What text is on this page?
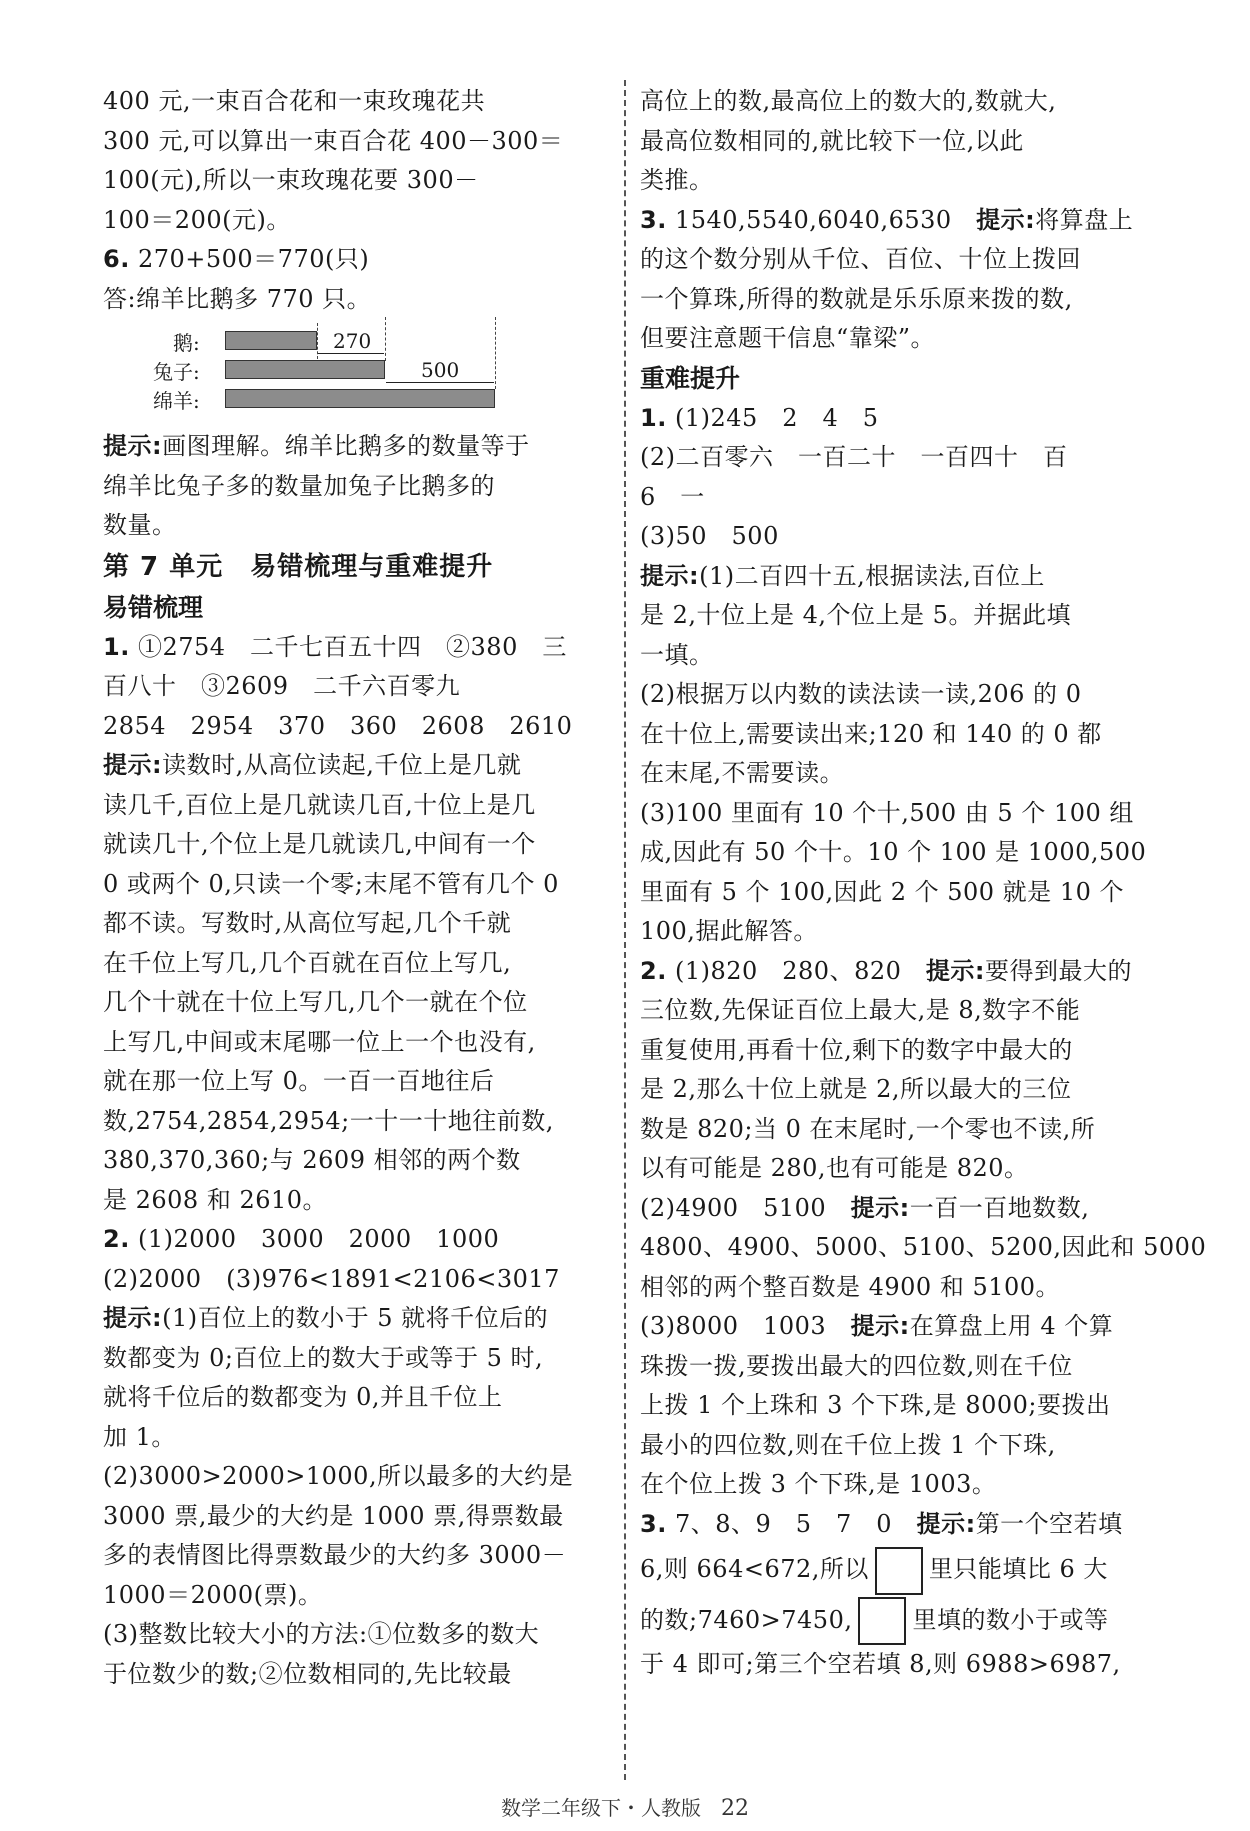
400 元,一束百合花和一束玫瑰花共
300 元,可以算出一束百合花 400－300＝
100(元),所以一束玫瑰花要 300－
100＝200(元)。
6. 270+500＝770(只)
答:绵羊比鹅多 770 只。
鹅:
兔子:
绵羊:
270
500
提示:画图理解。绵羊比鹅多的数量等于
绵羊比兔子多的数量加兔子比鹅多的
数量。
第 7 单元　易错梳理与重难提升
易错梳理
1. ①2754　二千七百五十四　②380　三
百八十　③2609　二千六百零九
2854　2954　370　360　2608　2610
提示:读数时,从高位读起,千位上是几就
读几千,百位上是几就读几百,十位上是几
就读几十,个位上是几就读几,中间有一个
0 或两个 0,只读一个零;末尾不管有几个 0
都不读。写数时,从高位写起,几个千就
在千位上写几,几个百就在百位上写几,
几个十就在十位上写几,几个一就在个位
上写几,中间或末尾哪一位上一个也没有,
就在那一位上写 0。一百一百地往后
数,2754,2854,2954;一十一十地往前数,
380,370,360;与 2609 相邻的两个数
是 2608 和 2610。
2. (1)2000　3000　2000　1000
(2)2000　(3)976<1891<2106<3017
提示:(1)百位上的数小于 5 就将千位后的
数都变为 0;百位上的数大于或等于 5 时,
就将千位后的数都变为 0,并且千位上
加 1。
(2)3000>2000>1000,所以最多的大约是
3000 票,最少的大约是 1000 票,得票数最
多的表情图比得票数最少的大约多 3000－
1000＝2000(票)。
(3)整数比较大小的方法:①位数多的数大
于位数少的数;②位数相同的,先比较最
高位上的数,最高位上的数大的,数就大,
最高位数相同的,就比较下一位,以此
类推。
3. 1540,5540,6040,6530　提示:将算盘上
的这个数分别从千位、百位、十位上拨回
一个算珠,所得的数就是乐乐原来拨的数,
但要注意题干信息“靠梁”。
重难提升
1. (1)245　2　4　5
(2)二百零六　一百二十　一百四十　百
6　一
(3)50　500
提示:(1)二百四十五,根据读法,百位上
是 2,十位上是 4,个位上是 5。并据此填
一填。
(2)根据万以内数的读法读一读,206 的 0
在十位上,需要读出来;120 和 140 的 0 都
在末尾,不需要读。
(3)100 里面有 10 个十,500 由 5 个 100 组
成,因此有 50 个十。10 个 100 是 1000,500
里面有 5 个 100,因此 2 个 500 就是 10 个
100,据此解答。
2. (1)820　280、820　提示:要得到最大的
三位数,先保证百位上最大,是 8,数字不能
重复使用,再看十位,剩下的数字中最大的
是 2,那么十位上就是 2,所以最大的三位
数是 820;当 0 在末尾时,一个零也不读,所
以有可能是 280,也有可能是 820。
(2)4900　5100　提示:一百一百地数数,
4800、4900、5000、5100、5200,因此和 5000
相邻的两个整百数是 4900 和 5100。
(3)8000　1003　提示:在算盘上用 4 个算
珠拨一拨,要拨出最大的四位数,则在千位
上拨 1 个上珠和 3 个下珠,是 8000;要拨出
最小的四位数,则在千位上拨 1 个下珠,
在个位上拨 3 个下珠,是 1003。
3. 7、8、9　5　7　0　提示:第一个空若填
6,则 664<672,所以	里只能填比 6 大
的数;7460>7450,	里填的数小于或等
于 4 即可;第三个空若填 8,则 6988>6987,
数学二年级下・人教版 22
